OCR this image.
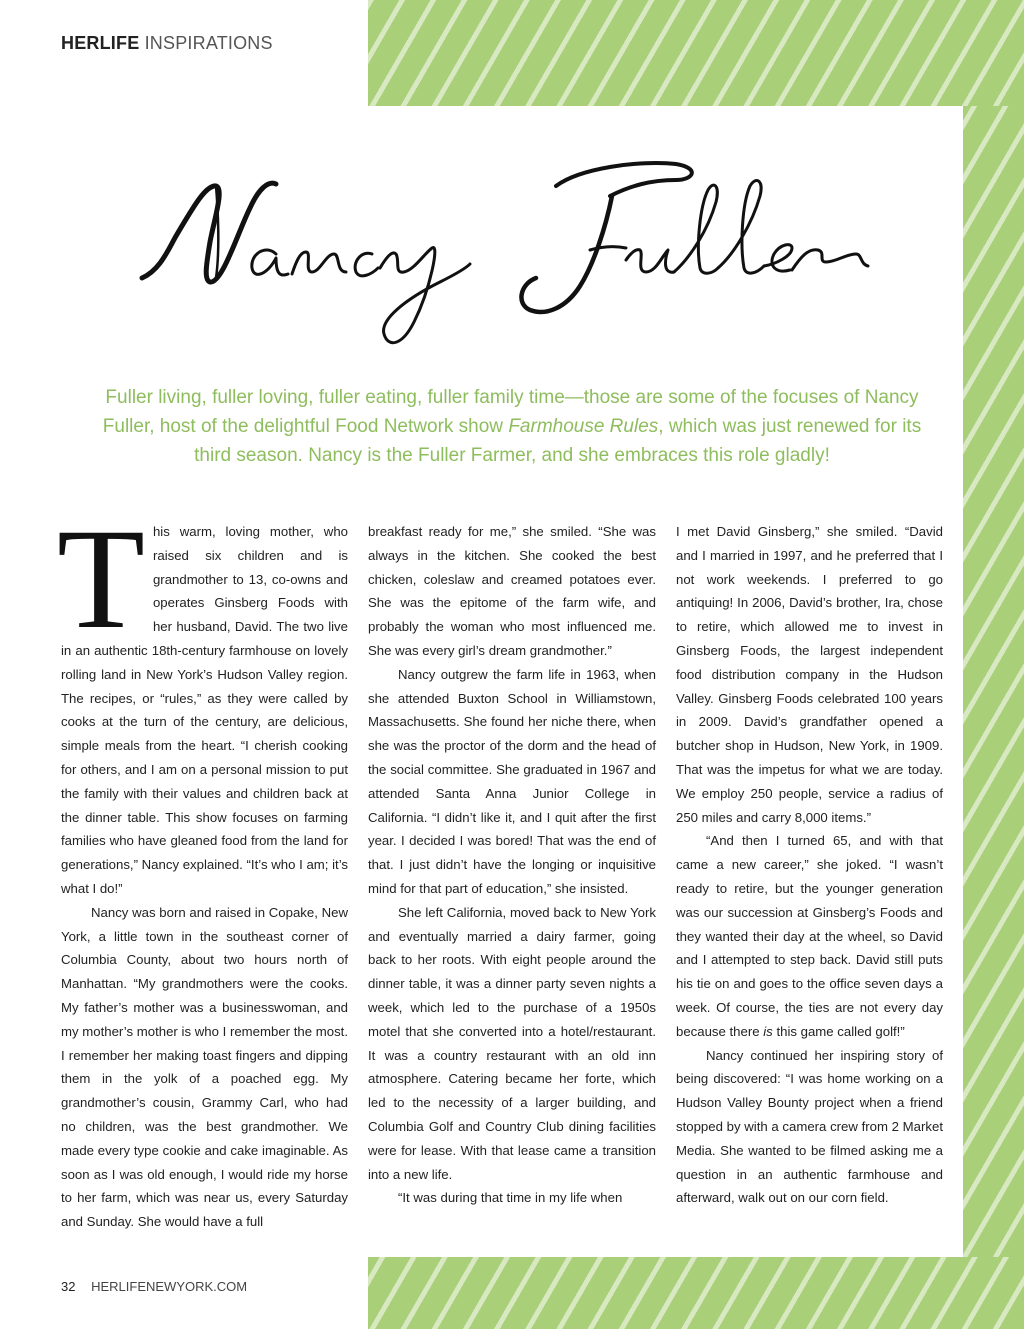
HERLIFE INSPIRATIONS
Fuller living, fuller loving, fuller eating, fuller family time—those are some of the focuses of Nancy Fuller, host of the delightful Food Network show Farmhouse Rules, which was just renewed for its third season. Nancy is the Fuller Farmer, and she embraces this role gladly!

This warm, loving mother, who raised six children and is grandmother to 13, co-owns and operates Ginsberg Foods with her husband, David. The two live in an authentic 18th-century farmhouse on lovely rolling land in New York’s Hudson Valley region. The recipes, or “rules,” as they were called by cooks at the turn of the century, are delicious, simple meals from the heart. “I cherish cooking for others, and I am on a personal mission to put the family with their values and children back at the dinner table. This show focuses on farming families who have gleaned food from the land for generations,” Nancy explained. “It’s who I am; it’s what I do!”

Nancy was born and raised in Copake, New York, a little town in the southeast corner of Columbia County, about two hours north of Manhattan. “My grandmothers were the cooks. My father’s mother was a businesswoman, and my mother’s mother is who I remember the most. I remember her making toast fingers and dipping them in the yolk of a poached egg. My grandmother’s cousin, Grammy Carl, who had no children, was the best grandmother. We made every type cookie and cake imaginable. As soon as I was old enough, I would ride my horse to her farm, which was near us, every Saturday and Sunday. She would have a full

breakfast ready for me,” she smiled. “She was always in the kitchen. She cooked the best chicken, coleslaw and creamed potatoes ever. She was the epitome of the farm wife, and probably the woman who most influenced me. She was every girl’s dream grandmother.”

Nancy outgrew the farm life in 1963, when she attended Buxton School in Williamstown, Massachusetts. She found her niche there, when she was the proctor of the dorm and the head of the social committee. She graduated in 1967 and attended Santa Anna Junior College in California. “I didn’t like it, and I quit after the first year. I decided I was bored! That was the end of that. I just didn’t have the longing or inquisitive mind for that part of education,” she insisted.

She left California, moved back to New York and eventually married a dairy farmer, going back to her roots. With eight people around the dinner table, it was a dinner party seven nights a week, which led to the purchase of a 1950s motel that she converted into a hotel/restaurant. It was a country restaurant with an old inn atmosphere. Catering became her forte, which led to the necessity of a larger building, and Columbia Golf and Country Club dining facilities were for lease. With that lease came a transition into a new life.

“It was during that time in my life when

I met David Ginsberg,” she smiled. “David and I married in 1997, and he preferred that I not work weekends. I preferred to go antiquing! In 2006, David’s brother, Ira, chose to retire, which allowed me to invest in Ginsberg Foods, the largest independent food distribution company in the Hudson Valley. Ginsberg Foods celebrated 100 years in 2009. David’s grandfather opened a butcher shop in Hudson, New York, in 1909. That was the impetus for what we are today. We employ 250 people, service a radius of 250 miles and carry 8,000 items.”

“And then I turned 65, and with that came a new career,” she joked. “I wasn’t ready to retire, but the younger generation was our succession at Ginsberg’s Foods and they wanted their day at the wheel, so David and I attempted to step back. David still puts his tie on and goes to the office seven days a week. Of course, the ties are not every day because there is this game called golf!”

Nancy continued her inspiring story of being discovered: “I was home working on a Hudson Valley Bounty project when a friend stopped by with a camera crew from 2 Market Media. She wanted to be filmed asking me a question in an authentic farmhouse and afterward, walk out on our corn field.

32 HERLIFENEWYORK.COM
